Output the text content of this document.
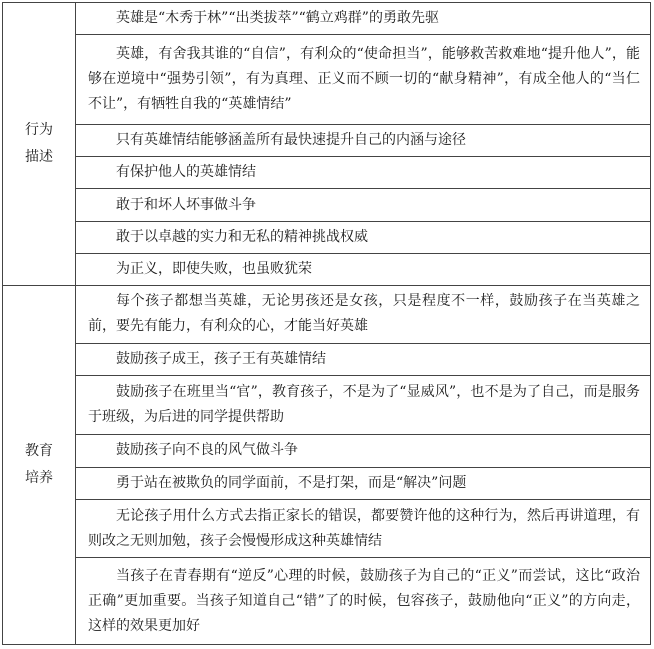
行为描述	英雄是“木秀于林”“出类拔萃”“鹤立鸡群”的勇敢先驱
	英雄，有舍我其谁的“自信”，有利众的“使命担当”，能够救苦救难地“提升他人”，能够在逆境中“强势引领”，有为真理、正义而不顾一切的“献身精神”，有成全他人的“当仁不让”，有牺牲自我的“英雄情结”
	只有英雄情结能够涵盖所有最快速提升自己的内涵与途径
	有保护他人的英雄情结
	敢于和坏人坏事做斗争
	敢于以卓越的实力和无私的精神挑战权威
	为正义，即使失败，也虽败犹荣
教育培养	每个孩子都想当英雄，无论男孩还是女孩，只是程度不一样，鼓励孩子在当英雄之前，要先有能力，有利众的心，才能当好英雄
	鼓励孩子成王，孩子王有英雄情结
	鼓励孩子在班里当“官”，教育孩子，不是为了“显威风”，也不是为了自己，而是服务于班级，为后进的同学提供帮助
	鼓励孩子向不良的风气做斗争
	勇于站在被欺负的同学面前，不是打架，而是“解决”问题
	无论孩子用什么方式去指正家长的错误，都要赞许他的这种行为，然后再讲道理，有则改之无则加勉，孩子会慢慢形成这种英雄情结
	当孩子在青春期有“逆反”心理的时候，鼓励孩子为自己的“正义”而尝试，这比“政治正确”更加重要。当孩子知道自己“错”了的时候，包容孩子，鼓励他向“正义”的方向走，这样的效果更加好
